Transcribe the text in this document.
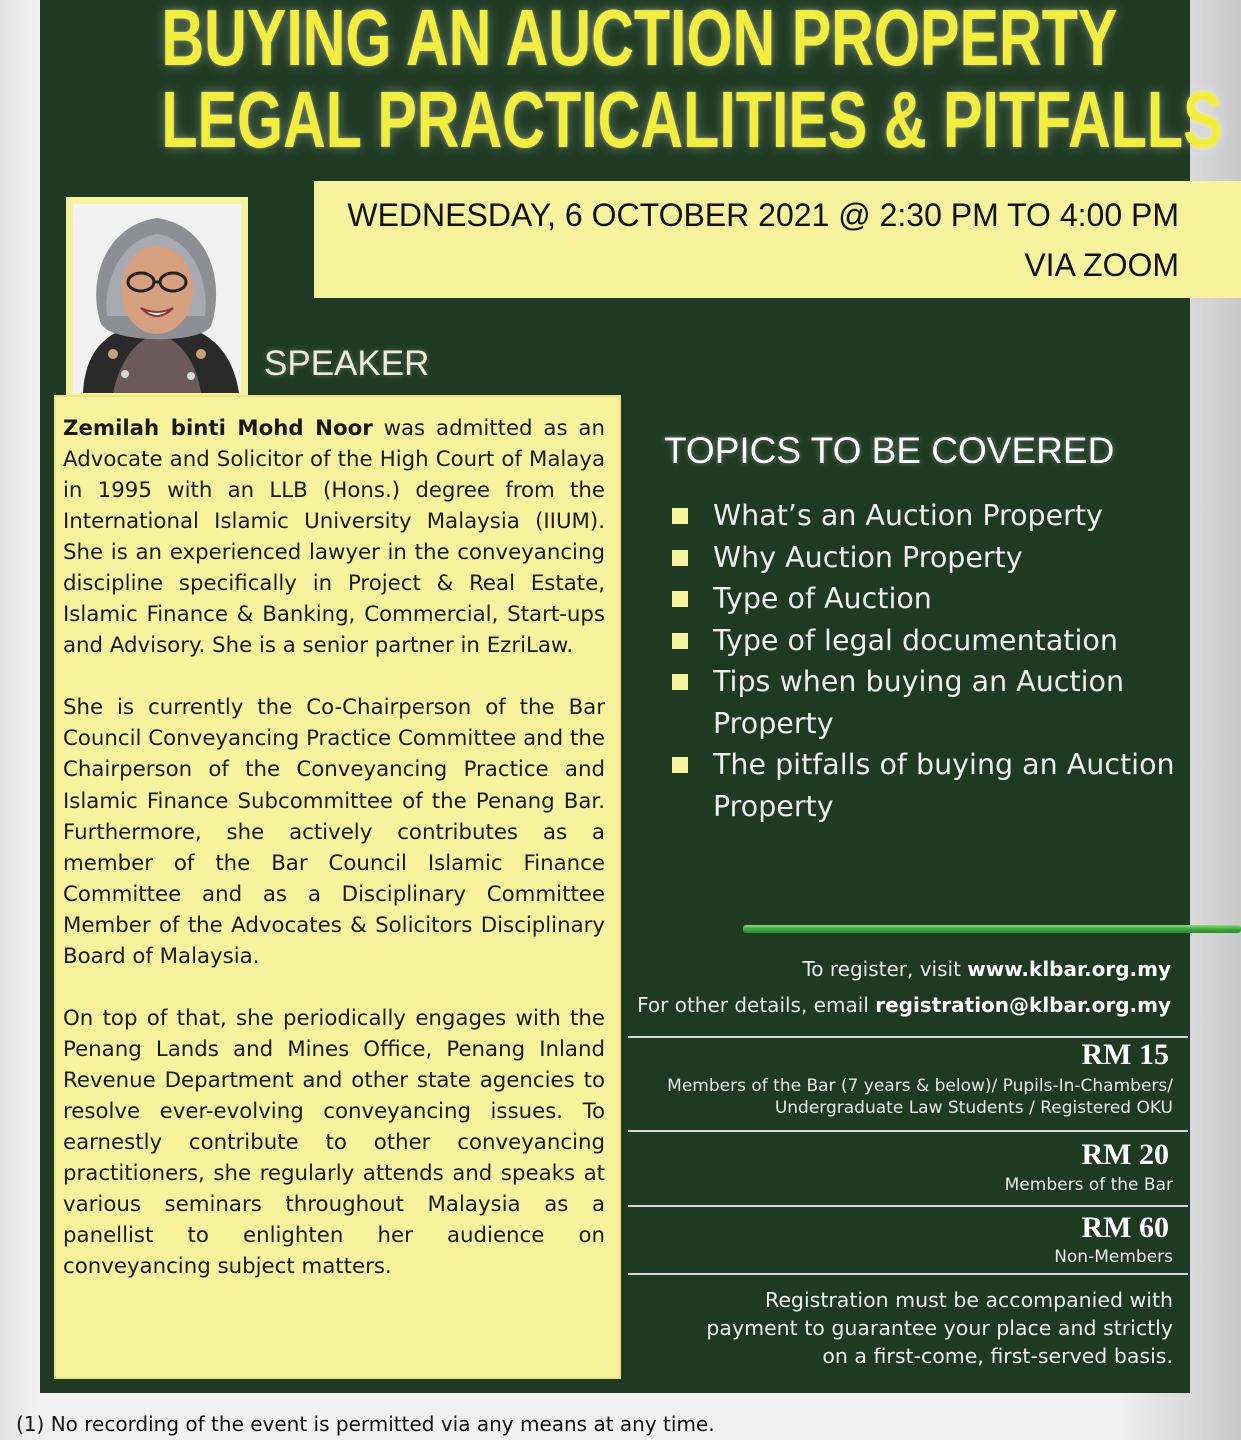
BUYING AN AUCTION PROPERTY
LEGAL PRACTICALITIES & PITFALLS
WEDNESDAY, 6 OCTOBER 2021 @ 2:30 PM TO 4:00 PM
VIA ZOOM
SPEAKER

Zemilah binti Mohd Noor was admitted as an Advocate and Solicitor of the High Court of Malaya in 1995 with an LLB (Hons.) degree from the International Islamic University Malaysia (IIUM). She is an experienced lawyer in the conveyancing discipline specifically in Project & Real Estate, Islamic Finance & Banking, Commercial, Start-ups and Advisory. She is a senior partner in EzriLaw.

She is currently the Co-Chairperson of the Bar Council Conveyancing Practice Committee and the Chairperson of the Conveyancing Practice and Islamic Finance Subcommittee of the Penang Bar. Furthermore, she actively contributes as a member of the Bar Council Islamic Finance Committee and as a Disciplinary Committee Member of the Advocates & Solicitors Disciplinary Board of Malaysia.

On top of that, she periodically engages with the Penang Lands and Mines Office, Penang Inland Revenue Department and other state agencies to resolve ever-evolving conveyancing issues. To earnestly contribute to other conveyancing practitioners, she regularly attends and speaks at various seminars throughout Malaysia as a panellist to enlighten her audience on conveyancing subject matters.

TOPICS TO BE COVERED
What’s an Auction Property
Why Auction Property
Type of Auction
Type of legal documentation
Tips when buying an Auction Property
The pitfalls of buying an Auction Property
To register, visit www.klbar.org.my
For other details, email registration@klbar.org.my
RM 15
Members of the Bar (7 years & below)/ Pupils-In-Chambers/
Undergraduate Law Students / Registered OKU
RM 20
Members of the Bar
RM 60
Non-Members
Registration must be accompanied with
payment to guarantee your place and strictly
on a first-come, first-served basis.
(1) No recording of the event is permitted via any means at any time.
